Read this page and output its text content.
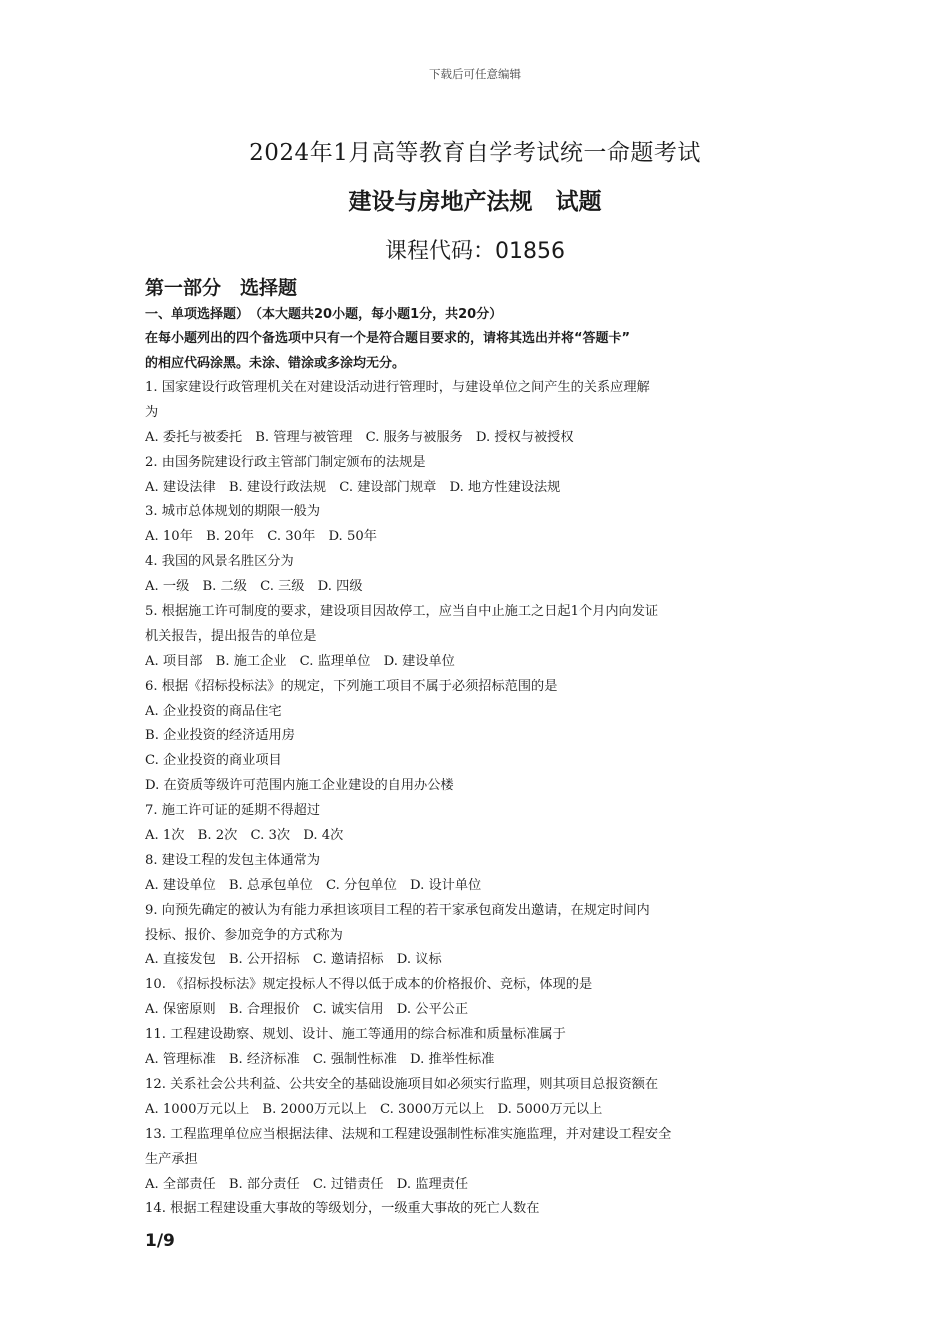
下载后可任意编辑
2024年1月高等教育自学考试统一命题考试
建设与房地产法规　试题
课程代码：01856
第一部分　选择题
一、单项选择题）　（本大题共20小题，每小题1分，共20分）
在每小题列出的四个备选项中只有一个是符合题目要求的，请将其选出并将“答题卡”
的相应代码涂黑。未涂、错涂或多涂均无分。
1. 国家建设行政管理机关在对建设活动进行管理时，与建设单位之间产生的关系应理解
为
A. 委托与被委托　B. 管理与被管理　C. 服务与被服务　D. 授权与被授权
2. 由国务院建设行政主管部门制定颁布的法规是
A. 建设法律　B. 建设行政法规　C. 建设部门规章　D. 地方性建设法规
3. 城市总体规划的期限一般为
A. 10年　B. 20年　C. 30年　D. 50年
4. 我国的风景名胜区分为
A. 一级　B. 二级　C. 三级　D. 四级
5. 根据施工许可制度的要求，建设项目因故停工，应当自中止施工之日起1个月内向发证
机关报告，提出报告的单位是
A. 项目部　B. 施工企业　C. 监理单位　D. 建设单位
6. 根据《招标投标法》的规定，下列施工项目不属于必须招标范围的是
A. 企业投资的商品住宅
B. 企业投资的经济适用房
C. 企业投资的商业项目
D. 在资质等级许可范围内施工企业建设的自用办公楼
7. 施工许可证的延期不得超过
A. 1次　B. 2次　C. 3次　D. 4次
8. 建设工程的发包主体通常为
A. 建设单位　B. 总承包单位　C. 分包单位　D. 设计单位
9. 向预先确定的被认为有能力承担该项目工程的若干家承包商发出邀请，在规定时间内
投标、报价、参加竞争的方式称为
A. 直接发包　B. 公开招标　C. 邀请招标　D. 议标
10. 《招标投标法》规定投标人不得以低于成本的价格报价、竞标，体现的是
A. 保密原则　B. 合理报价　C. 诚实信用　D. 公平公正
11. 工程建设勘察、规划、设计、施工等通用的综合标准和质量标准属于
A. 管理标准　B. 经济标准　C. 强制性标准　D. 推举性标准
12. 关系社会公共利益、公共安全的基础设施项目如必须实行监理，则其项目总报资额在
A. 1000万元以上　B. 2000万元以上　C. 3000万元以上　D. 5000万元以上
13. 工程监理单位应当根据法律、法规和工程建设强制性标准实施监理，并对建设工程安全
生产承担
A. 全部责任　B. 部分责任　C. 过错责任　D. 监理责任
14. 根据工程建设重大事故的等级划分，一级重大事故的死亡人数在
1/9
